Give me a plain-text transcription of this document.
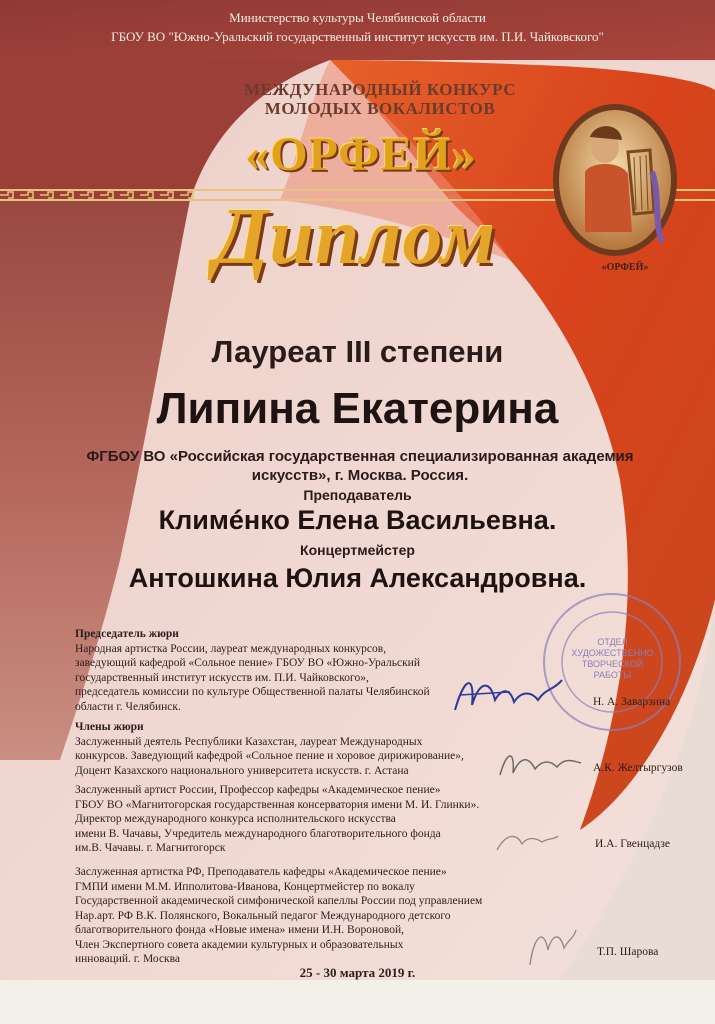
Министерство культуры Челябинской области
ГБОУ ВО "Южно-Уральский государственный институт искусств им. П.И. Чайковского"
МЕЖДУНАРОДНЫЙ КОНКУРС
МОЛОДЫХ ВОКАЛИСТОВ
«ОРФЕЙ»
Диплом	«ОРФЕЙ»
Лауреат III степени
Липина Екатерина
ФГБОУ ВО «Российская государственная специализированная академия
искусств», г. Москва. Россия.
Преподаватель
Климéнко Елена Васильевна.
Концертмейстер
Антошкина Юлия Александровна.
ОТДЕЛ ХУДОЖЕСТВЕННО ТВОРЧЕСКОЙ РАБОТЫ
Председатель жюри
Народная артистка России, лауреат международных конкурсов,
заведующий кафедрой «Сольное пение» ГБОУ ВО «Южно-Уральский
государственный институт искусств им. П.И. Чайковского»,
председатель комиссии по культуре Общественной палаты Челябинской
области г. Челябинск.	Н. А. Заварзина
Члены жюри
Заслуженный деятель Республики Казахстан, лауреат Международных
конкурсов. Заведующий кафедрой «Сольное пение и хоровое дирижирование»,
Доцент Казахского национального университета искусств. г. Астана	А.К. Желтыргузов
Заслуженный артист России, Профессор кафедры «Академическое пение»
ГБОУ ВО «Магнитогорская государственная консерватория имени М. И. Глинки».
Директор международного конкурса исполнительского искусства
имени В. Чачавы, Учредитель международного благотворительного фонда
им.В. Чачавы. г. Магнитогорск	И.А. Гвенцадзе
Заслуженная артистка РФ, Преподаватель кафедры «Академическое пение»
ГМПИ имени М.М. Ипполитова-Иванова, Концертмейстер по вокалу
Государственной академической симфонической капеллы России под управлением
Нар.арт. РФ В.К. Полянского, Вокальный педагог Международного детского
благотворительного фонда «Новые имена» имени И.Н. Вороновой,
Член Экспертного совета академии культурных и образовательных
инноваций. г. Москва
Т.П. Шарова
25 - 30 марта 2019 г.
